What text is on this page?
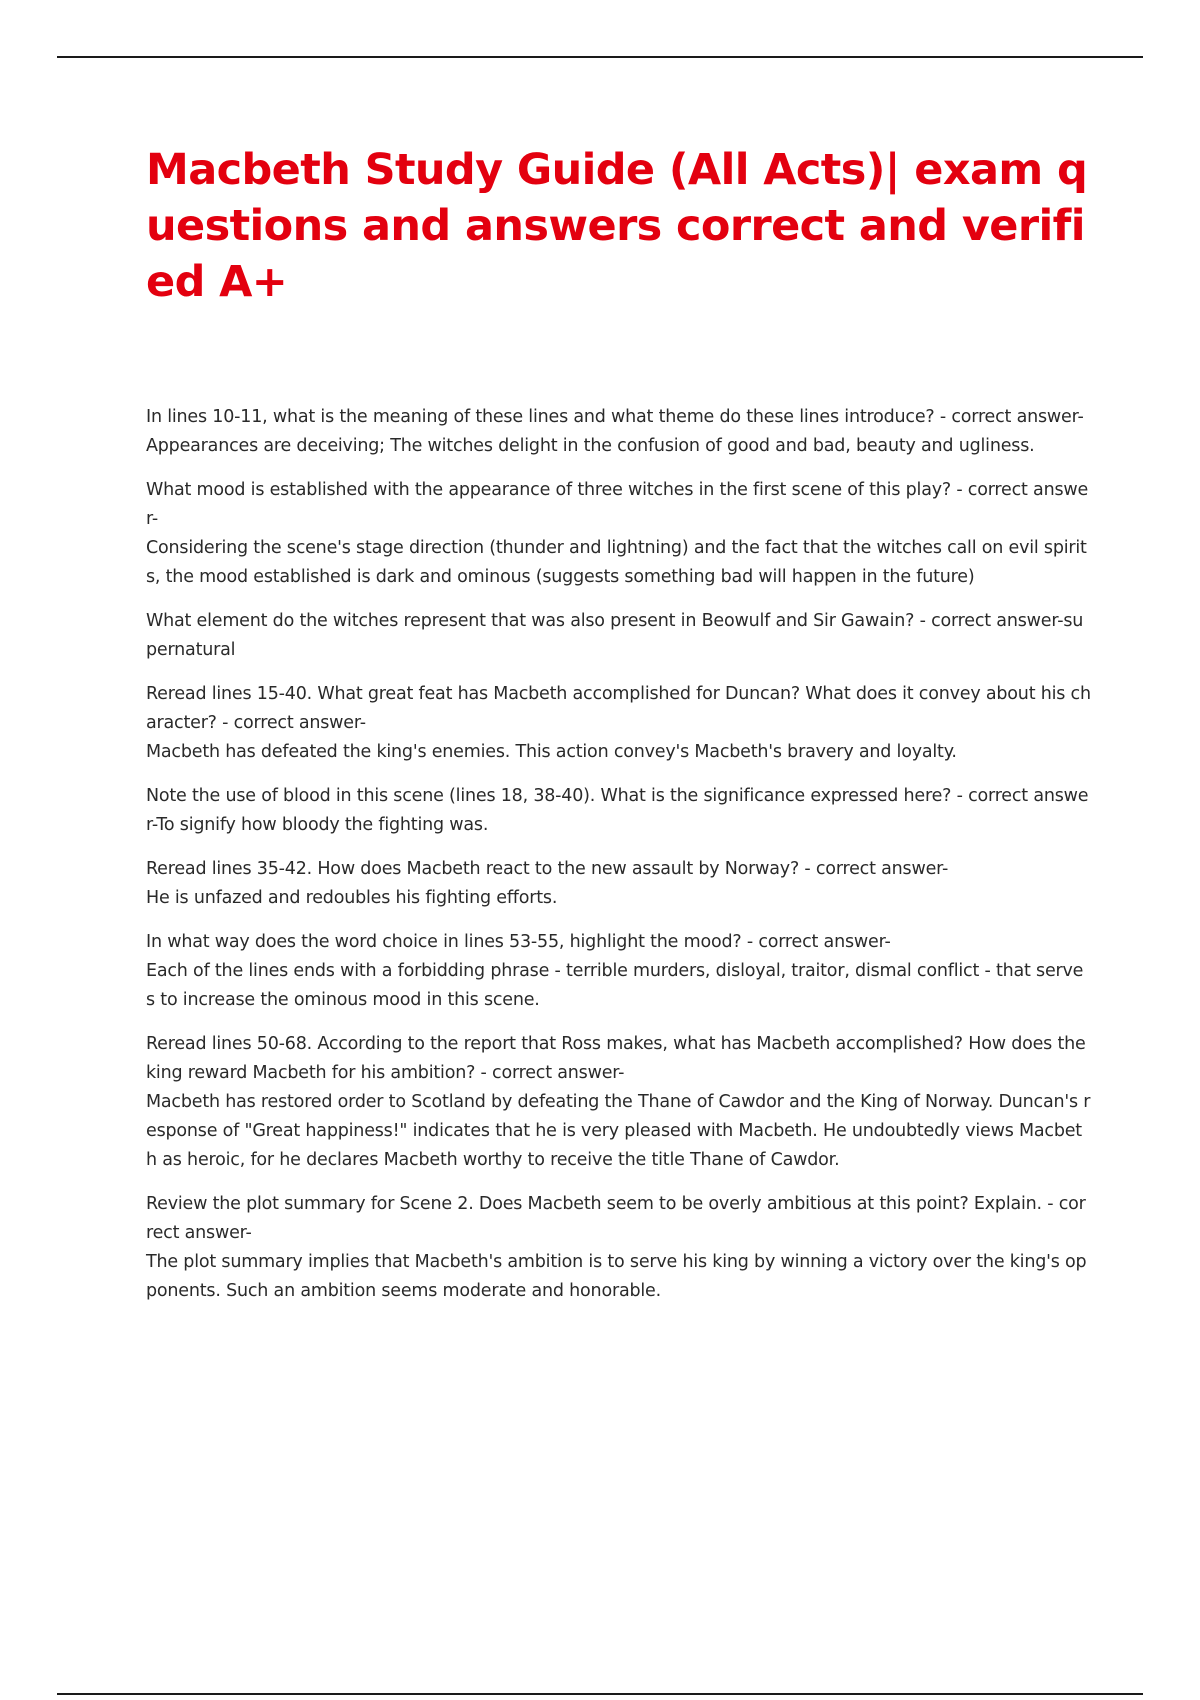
Macbeth Study Guide (All Acts)| exam questions and answers correct and verified A+
In lines 10-11, what is the meaning of these lines and what theme do these lines introduce? - correct answer-
Appearances are deceiving; The witches delight in the confusion of good and bad, beauty and ugliness.
What mood is established with the appearance of three witches in the first scene of this play? - correct answer-
Considering the scene's stage direction (thunder and lightning) and the fact that the witches call on evil spirits, the mood established is dark and ominous (suggests something bad will happen in the future)
What element do the witches represent that was also present in Beowulf and Sir Gawain? - correct answer-supernatural
Reread lines 15-40. What great feat has Macbeth accomplished for Duncan? What does it convey about his character? - correct answer-
Macbeth has defeated the king's enemies. This action convey's Macbeth's bravery and loyalty.
Note the use of blood in this scene (lines 18, 38-40). What is the significance expressed here? - correct answer-To signify how bloody the fighting was.
Reread lines 35-42. How does Macbeth react to the new assault by Norway? - correct answer-
He is unfazed and redoubles his fighting efforts.
In what way does the word choice in lines 53-55, highlight the mood? - correct answer-
Each of the lines ends with a forbidding phrase - terrible murders, disloyal, traitor, dismal conflict - that serves to increase the ominous mood in this scene.
Reread lines 50-68. According to the report that Ross makes, what has Macbeth accomplished? How does the king reward Macbeth for his ambition? - correct answer-
Macbeth has restored order to Scotland by defeating the Thane of Cawdor and the King of Norway. Duncan's response of "Great happiness!" indicates that he is very pleased with Macbeth. He undoubtedly views Macbeth as heroic, for he declares Macbeth worthy to receive the title Thane of Cawdor.
Review the plot summary for Scene 2. Does Macbeth seem to be overly ambitious at this point? Explain. - correct answer-
The plot summary implies that Macbeth's ambition is to serve his king by winning a victory over the king's opponents. Such an ambition seems moderate and honorable.
